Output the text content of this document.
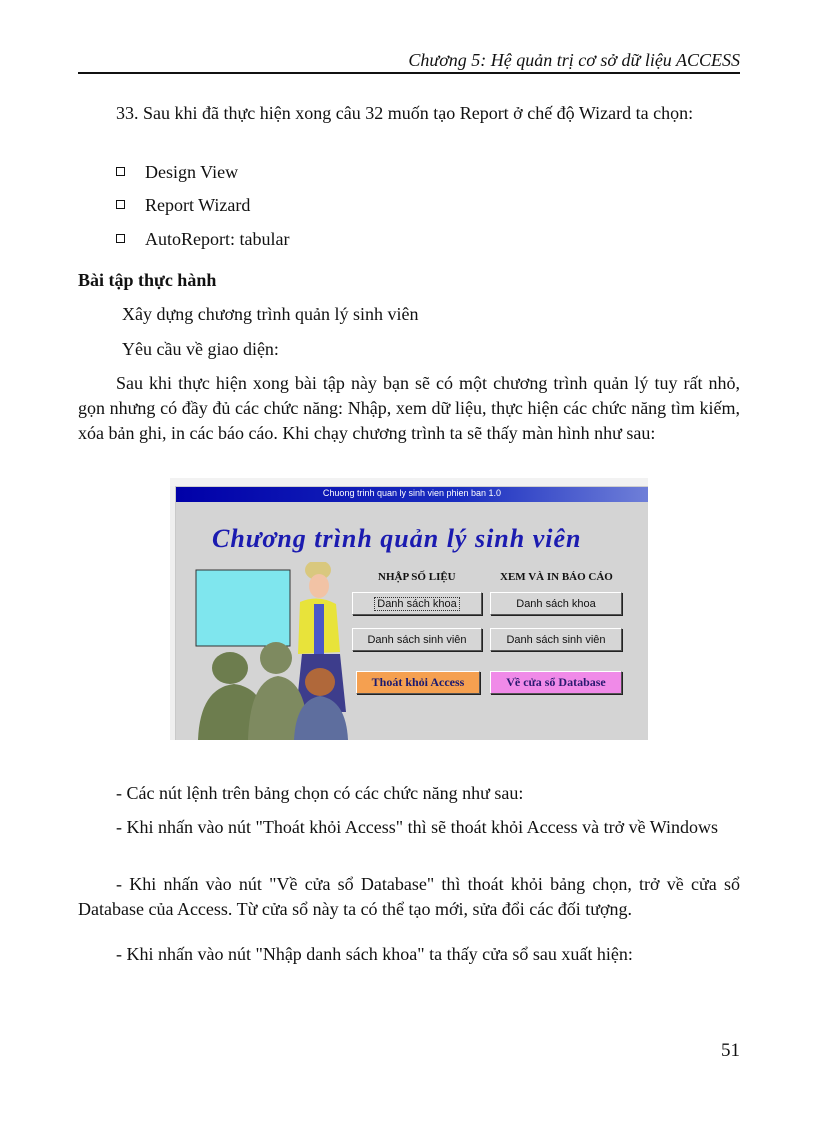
Chương 5: Hệ quản trị cơ sở dữ liệu ACCESS
33. Sau khi đã thực hiện xong câu 32 muốn tạo Report ở chế độ Wizard ta chọn:
Design View
Report Wizard
AutoReport: tabular
Bài tập thực hành
Xây dựng chương trình quản lý sinh viên
Yêu cầu về giao diện:
Sau khi thực hiện xong bài tập này bạn sẽ có một chương trình quản lý tuy rất nhỏ, gọn nhưng có đầy đủ các chức năng: Nhập, xem dữ liệu, thực hiện các chức năng tìm kiếm, xóa bản ghi, in các báo cáo. Khi chạy chương trình ta sẽ thấy màn hình như sau:
Chuong trinh quan ly sinh vien phien ban 1.0
Chương trình quản lý sinh viên
NHẬP SỐ LIỆU	XEM VÀ IN BÁO CÁO
Danh sách khoa	Danh sách khoa
Danh sách sinh viên	Danh sách sinh viên
Thoát khỏi Access	Về cửa sổ Database
- Các nút lệnh trên bảng chọn có các chức năng như sau:
- Khi nhấn vào nút "Thoát khỏi Access" thì sẽ thoát khỏi Access và trở về Windows
- Khi nhấn vào nút "Về cửa sổ Database" thì thoát khỏi bảng chọn, trở về cửa sổ Database của Access. Từ cửa sổ này ta có thể tạo mới, sửa đổi các đối tượng.
- Khi nhấn vào nút "Nhập danh sách khoa" ta thấy cửa sổ sau xuất hiện:
51
